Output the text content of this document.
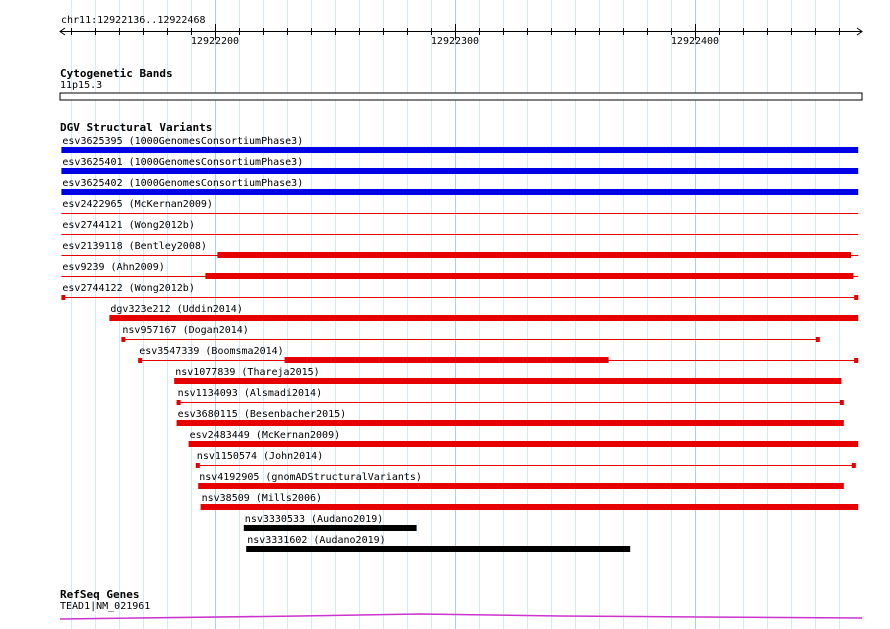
12922200	12922300	12922400
esv3625395 (1000GenomesConsortiumPhase3)
esv3625401 (1000GenomesConsortiumPhase3)
esv3625402 (1000GenomesConsortiumPhase3)
esv2422965 (McKernan2009)
esv2744121 (Wong2012b)
esv2139118 (Bentley2008)
esv9239 (Ahn2009)
esv2744122 (Wong2012b)
dgv323e212 (Uddin2014)
nsv957167 (Dogan2014)
esv3547339 (Boomsma2014)
nsv1077839 (Thareja2015)
nsv1134093 (Alsmadi2014)
esv3680115 (Besenbacher2015)
esv2483449 (McKernan2009)
nsv1150574 (John2014)
nsv4192905 (gnomADStructuralVariants)
nsv38509 (Mills2006)
nsv3330533 (Audano2019)
nsv3331602 (Audano2019)
chr11:12922136..12922468
Cytogenetic Bands
11p15.3
DGV Structural Variants
RefSeq Genes
TEAD1|NM_021961
